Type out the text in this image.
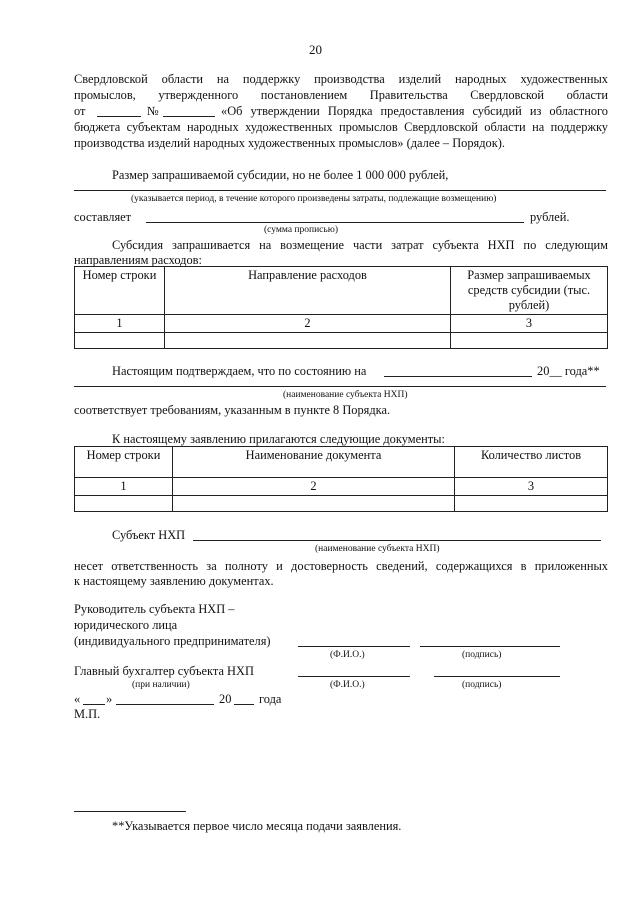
20
Свердловской области на поддержку производства изделий народных художественных
промыслов, утвержденного постановлением Правительства Свердловской области
от	№	«Об утверждении Порядка предоставления субсидий из областного
бюджета субъектам народных художественных промыслов Свердловской области на поддержку
производства изделий народных художественных промыслов» (далее – Порядок).
Размер запрашиваемой субсидии, но не более 1 000 000 рублей,
(указывается период, в течение которого произведены затраты, подлежащие возмещению)
составляет	рублей.
(сумма прописью)
Субсидия запрашивается на возмещение части затрат субъекта НХП по следующим
направлениям расходов:
Номер строки	Направление расходов	Размер запрашиваемых средств субсидии (тыс. рублей)
1	2	3

Настоящим подтверждаем, что по состоянию на	20__ года**
(наименование субъекта НХП)
соответствует требованиям, указанным в пункте 8 Порядка.
К настоящему заявлению прилагаются следующие документы:
Номер строки	Наименование документа	Количество листов
1	2	3

Субъект НХП
(наименование субъекта НХП)
несет ответственность за полноту и достоверность сведений, содержащихся в приложенных
к настоящему заявлению документах.
Руководитель субъекта НХП –
юридического лица
(индивидуального предпринимателя)
(Ф.И.О.)	(подпись)
Главный бухгалтер субъекта НХП
(при наличии)	(Ф.И.О.)	(подпись)
« »	20 года
М.П.
**Указывается первое число месяца подачи заявления.
